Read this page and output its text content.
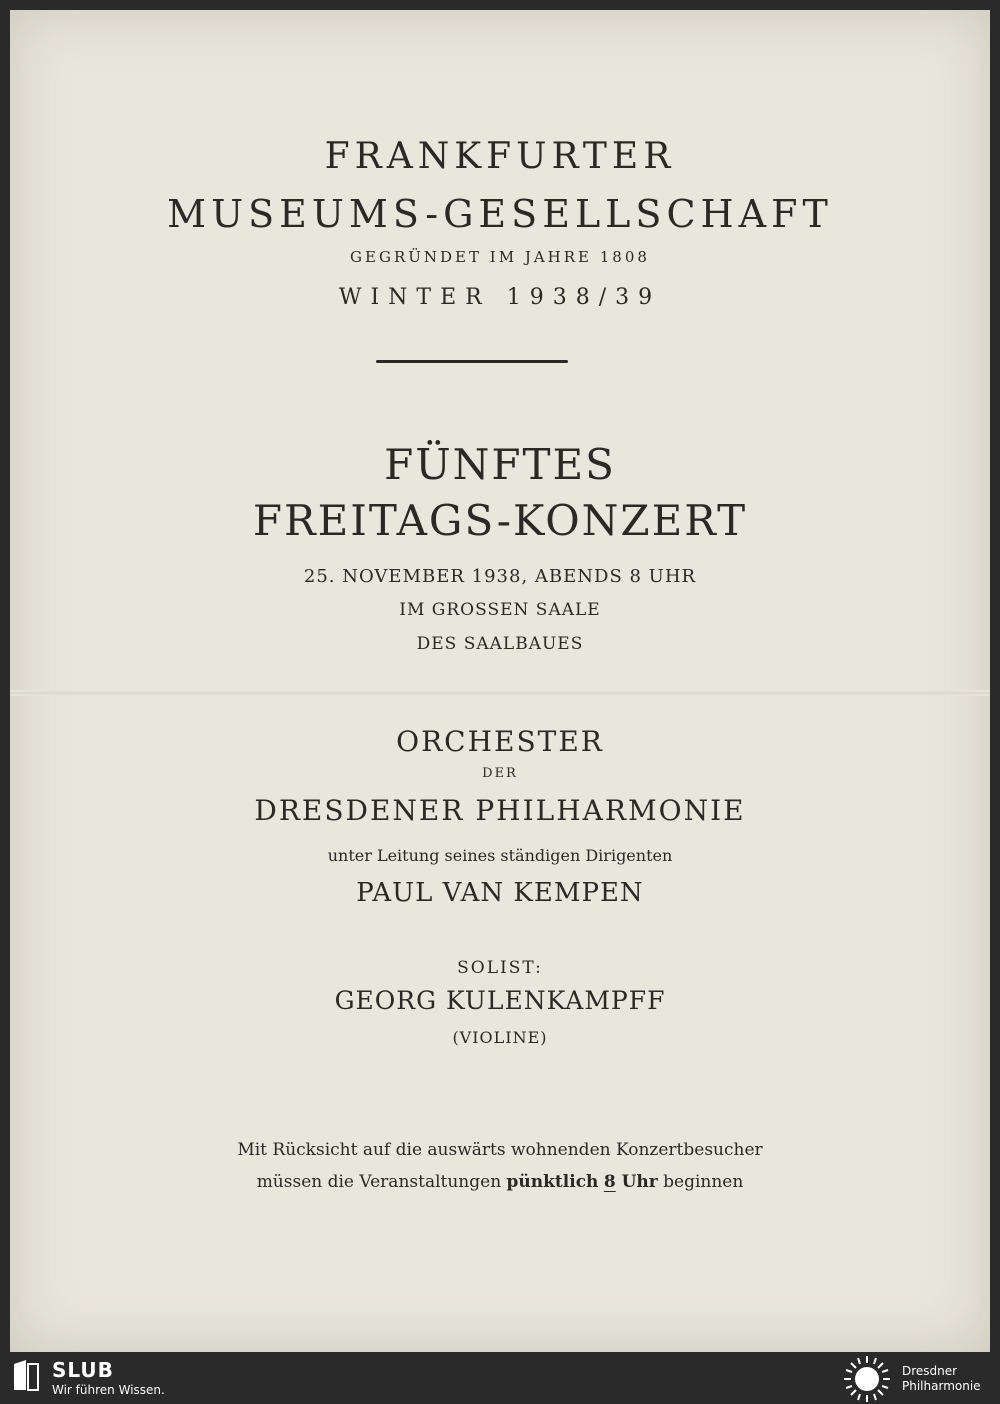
FRANKFURTER
MUSEUMS-GESELLSCHAFT
GEGRÜNDET IM JAHRE 1808
WINTER 1938/39
FÜNFTES
FREITAGS-KONZERT
25. NOVEMBER 1938, ABENDS 8 UHR
IM GROSSEN SAALE
DES SAALBAUES
ORCHESTER
DER
DRESDENER PHILHARMONIE
unter Leitung seines ständigen Dirigenten
PAUL VAN KEMPEN
SOLIST:
GEORG KULENKAMPFF
(VIOLINE)
Mit Rücksicht auf die auswärts wohnenden Konzertbesucher
müssen die Veranstaltungen pünktlich 8 Uhr beginnen
SLUB
Wir führen Wissen.
Dresdner
Philharmonie
